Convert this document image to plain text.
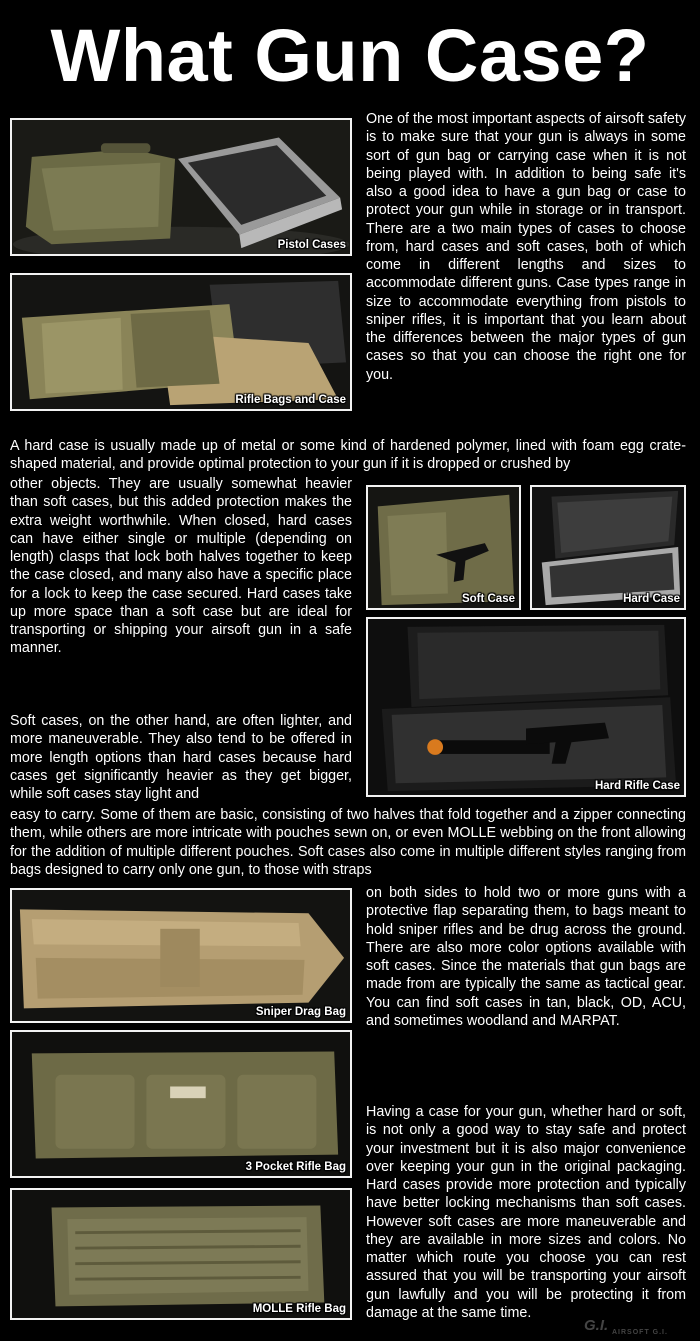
What Gun Case?
Pistol Cases
Rifle Bags and Case

One of the most important aspects of airsoft safety is to make sure that your gun is always in some sort of gun bag or carrying case when it is not being played with. In addition to being safe it's also a good idea to have a gun bag or case to protect your gun while in storage or in transport. There are a two main types of cases to choose from, hard cases and soft cases, both of which come in different lengths and sizes to accommodate different guns. Case types range in size to accommodate everything from pistols to sniper rifles, it is important that you learn about the differences between the major types of gun cases so that you can choose the right one for you.

A hard case is usually made up of metal or some kind of hardened polymer, lined with foam egg crate-shaped material, and provide optimal protection to your gun if it is dropped or crushed by

other objects. They are usually somewhat heavier than soft cases, but this added protection makes the extra weight worthwhile. When closed, hard cases can have either single or multiple (depending on length) clasps that lock both halves together to keep the case closed, and many also have a specific place for a lock to keep the case secured. Hard cases take up more space than a soft case but are ideal for transporting or shipping your airsoft gun in a safe manner.

Soft Case	Hard Case
Hard Rifle Case

Soft cases, on the other hand, are often lighter, and more maneuverable. They also tend to be offered in more length options than hard cases because hard cases get significantly heavier as they get bigger, while soft cases stay light and

easy to carry. Some of them are basic, consisting of two halves that fold together and a zipper connecting them, while others are more intricate with pouches sewn on, or even MOLLE webbing on the front allowing for the addition of multiple different pouches. Soft cases also come in multiple different styles ranging from bags designed to carry only one gun, to those with straps

Sniper Drag Bag
3 Pocket Rifle Bag

on both sides to hold two or more guns with a protective flap separating them, to bags meant to hold sniper rifles and be drug across the ground. There are also more color options available with soft cases. Since the materials that gun bags are made from are typically the same as tactical gear. You can find soft cases in tan, black, OD, ACU, and sometimes woodland and MARPAT.

MOLLE Rifle Bag

Having a case for your gun, whether hard or soft, is not only a good way to stay safe and protect your investment but it is also major convenience over keeping your gun in the original packaging. Hard cases provide more protection and typically have better locking mechanisms than soft cases. However soft cases are more maneuverable and they are available in more sizes and colors. No matter which route you choose you can rest assured that you will be transporting your airsoft gun lawfully and you will be protecting it from damage at the same time.

G.I. AIRSOFT G.I.
